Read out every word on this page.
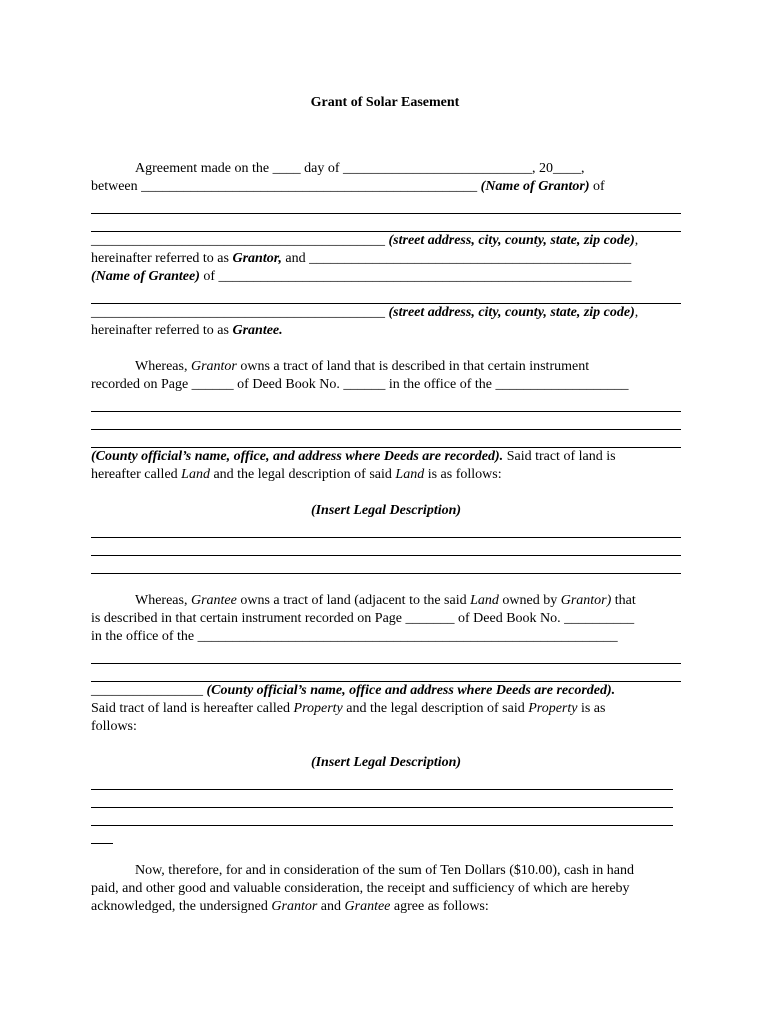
Grant of Solar Easement
Agreement made on the ____ day of ___________________________, 20____,
between ________________________________________________ (Name of Grantor) of
__________________________________________ (street address, city, county, state, zip code),
hereinafter referred to as Grantor, and ______________________________________________
(Name of Grantee) of ___________________________________________________________
__________________________________________ (street address, city, county, state, zip code),
hereinafter referred to as Grantee.
Whereas, Grantor owns a tract of land that is described in that certain instrument
recorded on Page ______ of Deed Book No. ______ in the office of the ___________________
(County official’s name, office, and address where Deeds are recorded). Said tract of land is
hereafter called Land and the legal description of said Land is as follows:
(Insert Legal Description)
Whereas, Grantee owns a tract of land (adjacent to the said Land owned by Grantor) that
is described in that certain instrument recorded on Page _______ of Deed Book No. __________
in the office of the ____________________________________________________________
________________ (County official’s name, office and address where Deeds are recorded).
Said tract of land is hereafter called Property and the legal description of said Property is as
follows:
(Insert Legal Description)
Now, therefore, for and in consideration of the sum of Ten Dollars ($10.00), cash in hand
paid, and other good and valuable consideration, the receipt and sufficiency of which are hereby
acknowledged, the undersigned Grantor and Grantee agree as follows:
